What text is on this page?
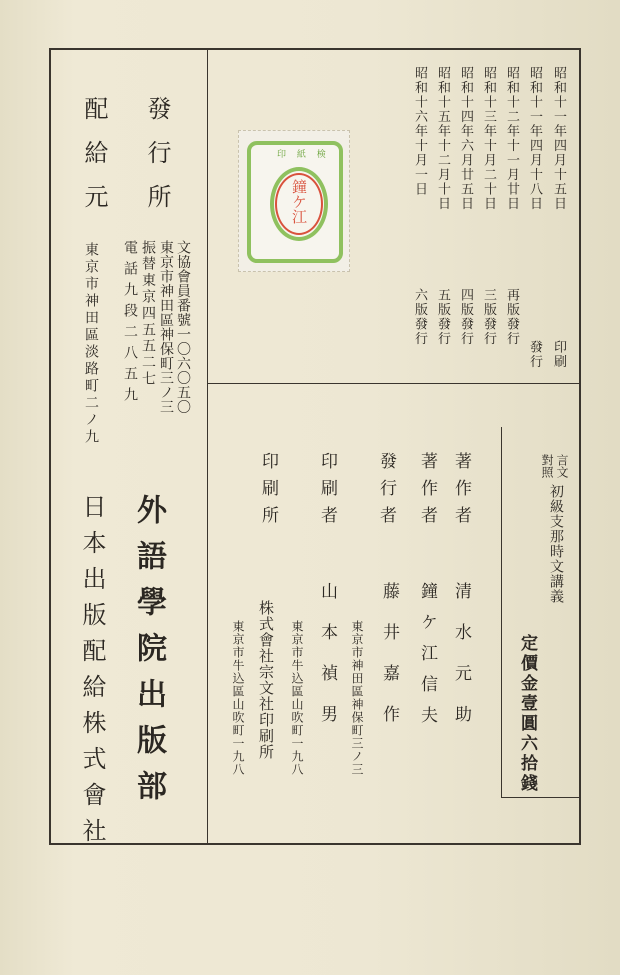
昭和十一年四月十五日
印刷
昭和十一年四月十八日
發行
昭和十二年十一月廿日
再版發行
昭和十三年十月二十日
三版發行
昭和十四年六月廿五日
四版發行
昭和十五年十二月十日
五版發行
昭和十六年十月一日
六版發行
印 紙 検
鐘ケ江
發行所
文協會員番號一〇六〇五〇
東京市神田區神保町三ノ三
振替東京四五五二七
電話九段二八五九
外語學院出版部
配給元
東京市神田區淡路町二ノ九
日本出版配給株式會社
言文
對照
初級支那時文講義
定價金壹圓六拾錢
著作者
清水元助
著作者
鐘ケ江信夫
發行者
藤井嘉作
東京市神田區神保町三ノ三
印刷者
山本禎男
東京市牛込區山吹町一九八
印刷所
株式會社宗文社印刷所
東京市牛込區山吹町一九八
